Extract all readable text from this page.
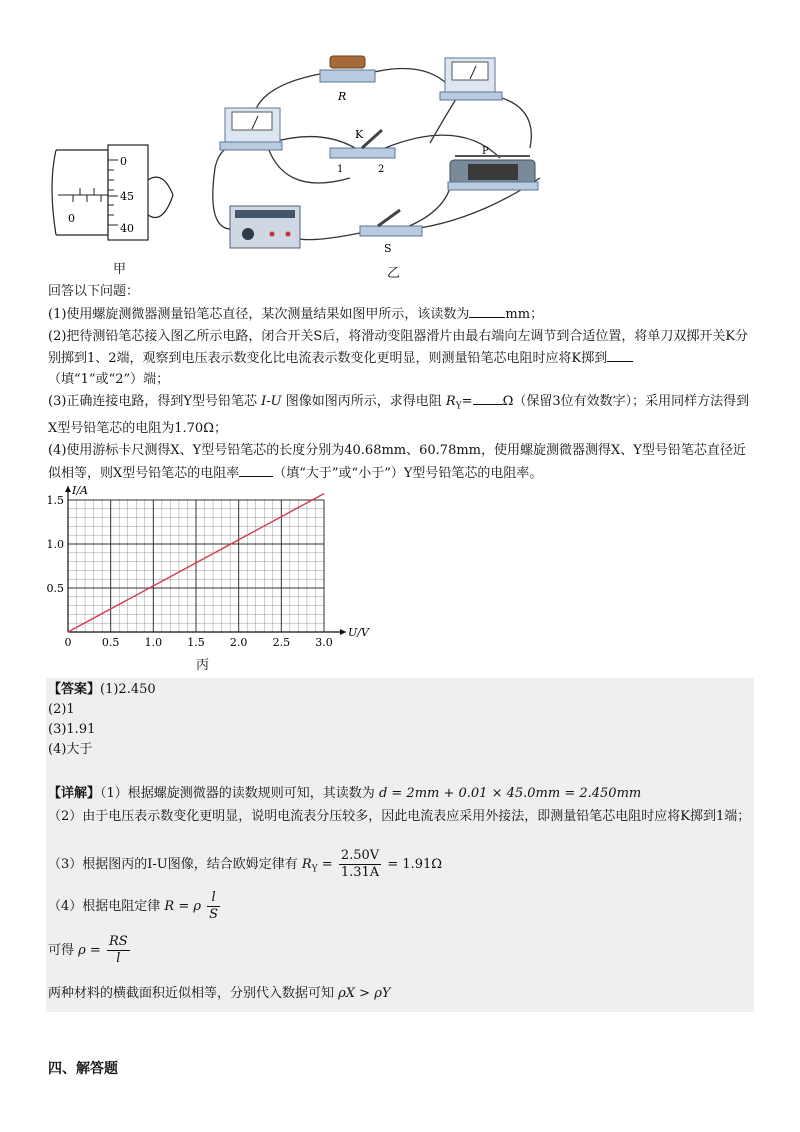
0
45
40
0
甲
R
K
1	2
P
S
乙

回答以下问题：

(1)使用螺旋测微器测量铅笔芯直径，某次测量结果如图甲所示，该读数为	mm；

(2)把待测铅笔芯接入图乙所示电路，闭合开关S后，将滑动变阻器滑片由最右端向左调节到合适位置，将单刀双掷开关K分别掷到1、2端，观察到电压表示数变化比电流表示数变化更明显，则测量铅笔芯电阻时应将K掷到
（填“1”或“2”）端；

(3)正确连接电路，得到Y型号铅笔芯 I-U 图像如图丙所示，求得电阻 $R_Y= \Omega$（保留3位有效数字）；采用同样方法得到X型号铅笔芯的电阻为1.70Ω；

(4)使用游标卡尺测得X、Y型号铅笔芯的长度分别为40.68mm、60.78mm，使用螺旋测微器测得X、Y型号铅笔芯直径近似相等，则X型号铅笔芯的电阻率	（填“大于”或“小于”）Y型号铅笔芯的电阻率。

U/V
I/A
0	0.5 1.0 1.5 2.0 2.5 3.0
0.5
1.0
1.5
丙
【答案】(1)2.450
(2)1
(3)1.91
(4)大于
【详解】（1）根据螺旋测微器的读数规则可知，其读数为 d = 2mm + 0.01 × 45.0mm = 2.450mm
（2）由于电压表示数变化更明显，说明电流表分压较多，因此电流表应采用外接法，即测量铅笔芯电阻时应将K掷到1端；
（3）根据图丙的I-U图像，结合欧姆定律有 $R_Y = \frac{2.50V}{1.31A} = 1.91\Omega$
（4）根据电阻定律 R = ρ $\frac{l}{S}$
可得 $\rho = \frac{RS}{l}$
两种材料的横截面积近似相等，分别代入数据可知 ρX > ρY
四、解答题
